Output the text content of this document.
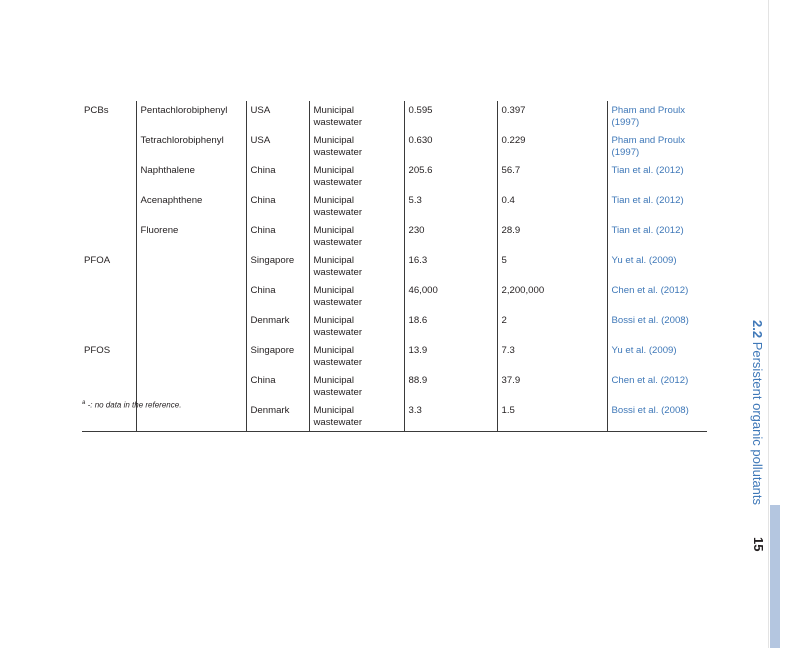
PCBs	Pentachlorobiphenyl	USA	Municipal wastewater	0.595	0.397	Pham and Proulx (1997)
	Tetrachlorobiphenyl	USA	Municipal wastewater	0.630	0.229	Pham and Proulx (1997)
	Naphthalene	China	Municipal wastewater	205.6	56.7	Tian et al. (2012)
	Acenaphthene	China	Municipal wastewater	5.3	0.4	Tian et al. (2012)
	Fluorene	China	Municipal wastewater	230	28.9	Tian et al. (2012)
PFOA		Singapore	Municipal wastewater	16.3	5	Yu et al. (2009)
		China	Municipal wastewater	46,000	2,200,000	Chen et al. (2012)
		Denmark	Municipal wastewater	18.6	2	Bossi et al. (2008)
PFOS		Singapore	Municipal wastewater	13.9	7.3	Yu et al. (2009)
		China	Municipal wastewater	88.9	37.9	Chen et al. (2012)
		Denmark	Municipal wastewater	3.3	1.5	Bossi et al. (2008)
$^a$ -: no data in the reference.
2.2 Persistent organic pollutants
15
